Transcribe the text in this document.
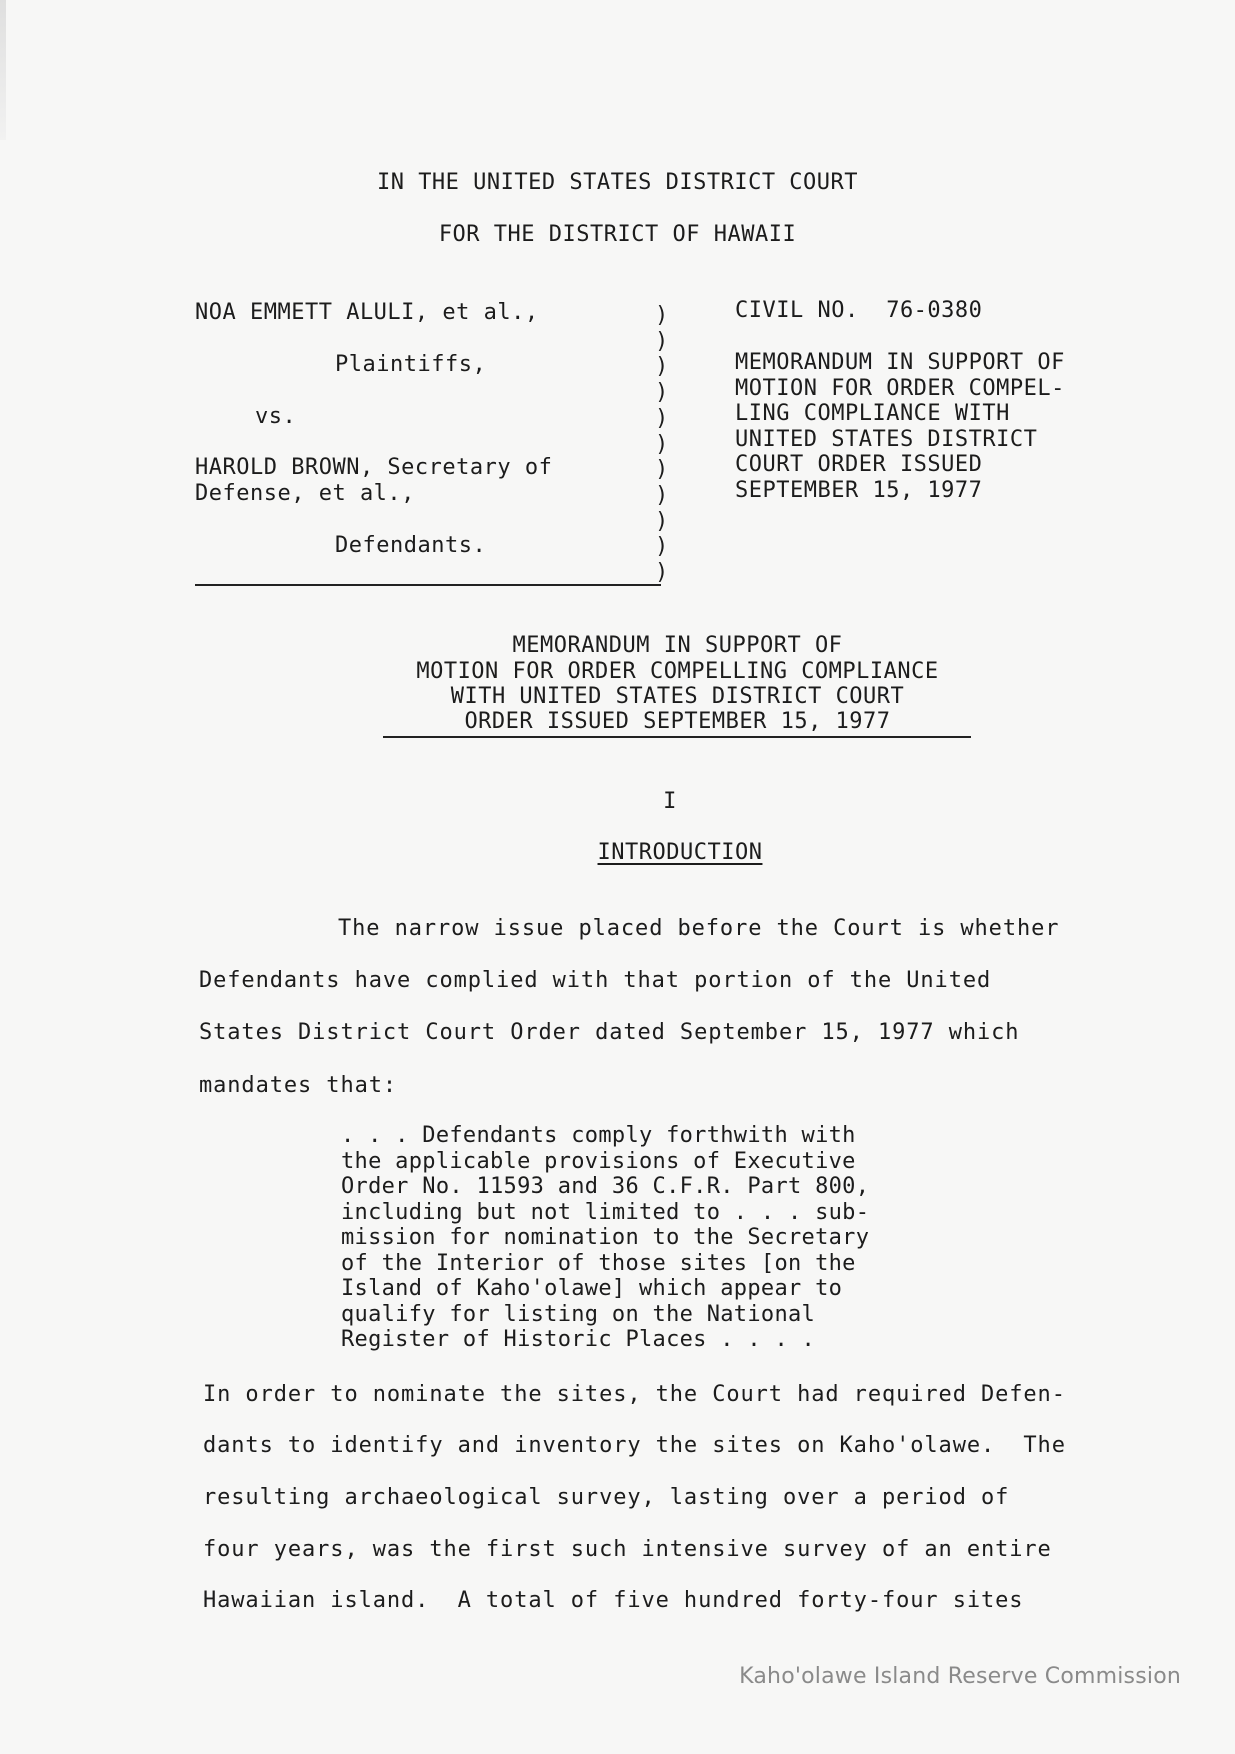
IN THE UNITED STATES DISTRICT COURT
FOR THE DISTRICT OF HAWAII
NOA EMMETT ALULI, et al.,
Plaintiffs,
vs.
HAROLD BROWN, Secretary of
Defense, et al.,
Defendants.
)
)
)
)
)
)
)
)
)
)
)
CIVIL NO.  76-0380
MEMORANDUM IN SUPPORT OF
MOTION FOR ORDER COMPEL-
LING COMPLIANCE WITH
UNITED STATES DISTRICT
COURT ORDER ISSUED
SEPTEMBER 15, 1977
MEMORANDUM IN SUPPORT OF
MOTION FOR ORDER COMPELLING COMPLIANCE
WITH UNITED STATES DISTRICT COURT
ORDER ISSUED SEPTEMBER 15, 1977
I
INTRODUCTION
The narrow issue placed before the Court is whether
Defendants have complied with that portion of the United
States District Court Order dated September 15, 1977 which
mandates that:
. . . Defendants comply forthwith with
the applicable provisions of Executive
Order No. 11593 and 36 C.F.R. Part 800,
including but not limited to . . . sub-
mission for nomination to the Secretary
of the Interior of those sites [on the
Island of Kaho'olawe] which appear to
qualify for listing on the National
Register of Historic Places . . . .
In order to nominate the sites, the Court had required Defen-
dants to identify and inventory the sites on Kaho'olawe.  The
resulting archaeological survey, lasting over a period of
four years, was the first such intensive survey of an entire
Hawaiian island.  A total of five hundred forty-four sites
Kaho'olawe Island Reserve Commission
